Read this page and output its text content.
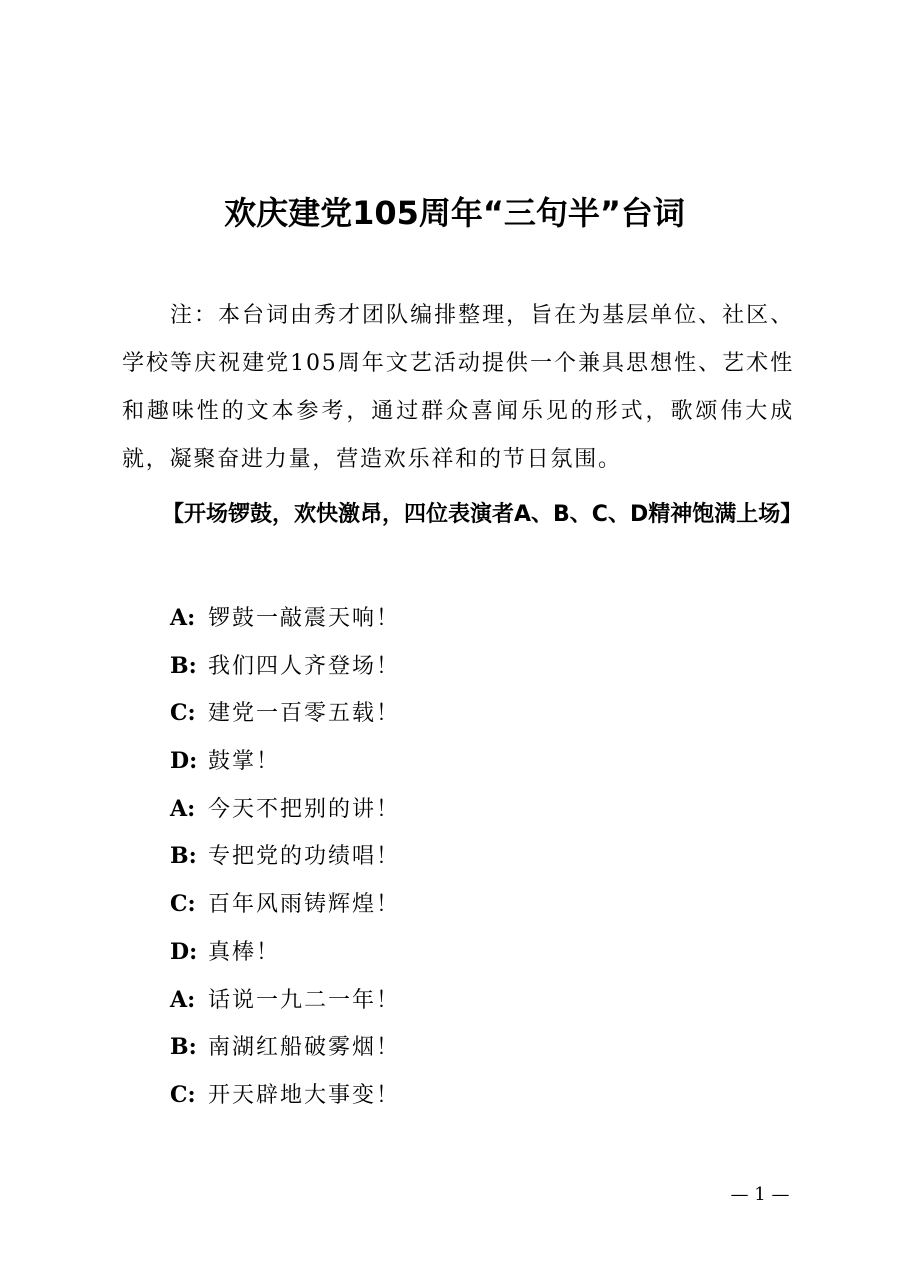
欢庆建党105周年“三句半”台词

注：本台词由秀才团队编排整理，旨在为基层单位、社区、学校等庆祝建党105周年文艺活动提供一个兼具思想性、艺术性和趣味性的文本参考，通过群众喜闻乐见的形式，歌颂伟大成就，凝聚奋进力量，营造欢乐祥和的节日氛围。

【开场锣鼓，欢快激昂，四位表演者A、B、C、D精神饱满上场】

A: 锣鼓一敲震天响！
B: 我们四人齐登场！
C: 建党一百零五载！
D: 鼓掌！
A: 今天不把别的讲！
B: 专把党的功绩唱！
C: 百年风雨铸辉煌！
D: 真棒！
A: 话说一九二一年！
B: 南湖红船破雾烟！
C: 开天辟地大事变！
— 1 —
